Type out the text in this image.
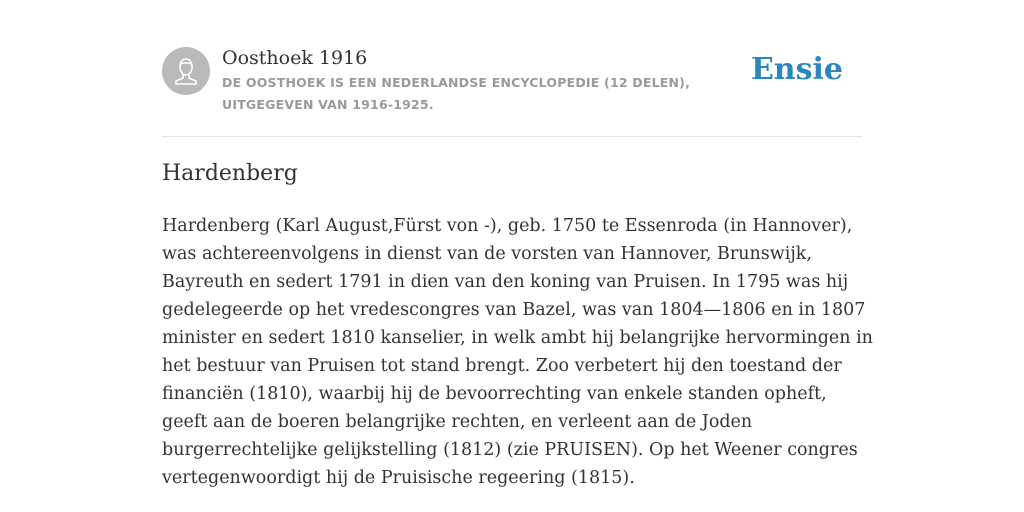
Oosthoek 1916
DE OOSTHOEK IS EEN NEDERLANDSE ENCYCLOPEDIE (12 DELEN), UITGEGEVEN VAN 1916-1925.
Ensie
Hardenberg

Hardenberg (Karl August,Fürst von -), geb. 1750 te Essenroda (in Hannover), was achtereenvolgens in dienst van de vorsten van Hannover, Brunswijk, Bayreuth en sedert 1791 in dien van den koning van Pruisen. In 1795 was hij gedelegeerde op het vredescongres van Bazel, was van 1804—1806 en in 1807 minister en sedert 1810 kanselier, in welk ambt hij belangrijke hervormingen in het bestuur van Pruisen tot stand brengt. Zoo verbetert hij den toestand der financiën (1810), waarbij hij de bevoorrechting van enkele standen opheft, geeft aan de boeren belangrijke rechten, en verleent aan de Joden burgerrechtelijke gelijkstelling (1812) (zie PRUISEN). Op het Weener congres vertegenwoordigt hij de Pruisische regeering (1815).
